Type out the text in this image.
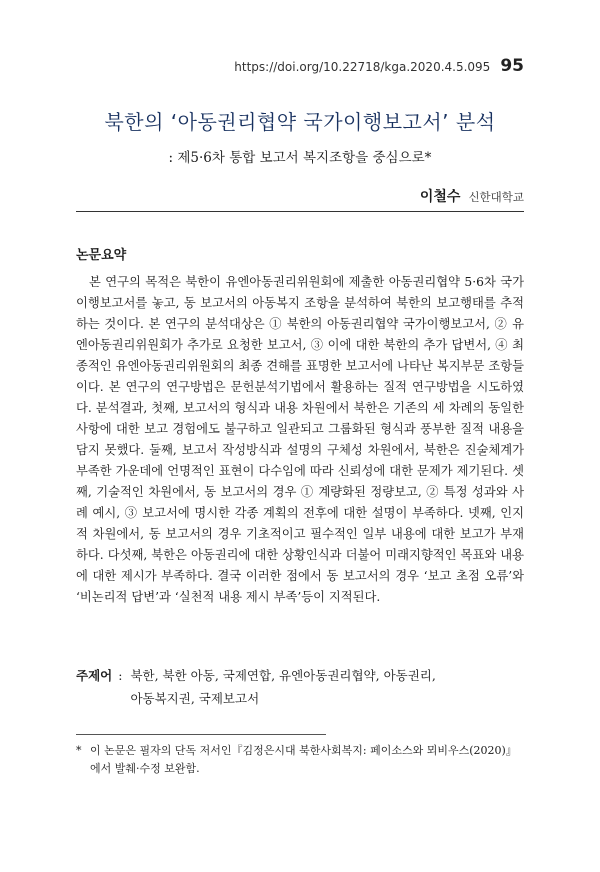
https://doi.org/10.22718/kga.2020.4.5.095 95
북한의 ‘아동권리협약 국가이행보고서’ 분석
: 제5·6차 통합 보고서 복지조항을 중심으로*
이철수 신한대학교
논문요약

본 연구의 목적은 북한이 유엔아동권리위원회에 제출한 아동권리협약 5·6차 국가이행보고서를 놓고, 동 보고서의 아동복지 조항을 분석하여 북한의 보고행태를 추적하는 것이다. 본 연구의 분석대상은 ① 북한의 아동권리협약 국가이행보고서, ② 유엔아동권리위원회가 추가로 요청한 보고서, ③ 이에 대한 북한의 추가 답변서, ④ 최종적인 유엔아동권리위원회의 최종 견해를 표명한 보고서에 나타난 복지부문 조항들이다. 본 연구의 연구방법은 문헌분석기법에서 활용하는 질적 연구방법을 시도하였다. 분석결과, 첫째, 보고서의 형식과 내용 차원에서 북한은 기존의 세 차례의 동일한 사항에 대한 보고 경험에도 불구하고 일관되고 그룹화된 형식과 풍부한 질적 내용을 담지 못했다. 둘째, 보고서 작성방식과 설명의 구체성 차원에서, 북한은 진술체계가 부족한 가운데에 언명적인 표현이 다수임에 따라 신뢰성에 대한 문제가 제기된다. 셋째, 기술적인 차원에서, 동 보고서의 경우 ① 계량화된 정량보고, ② 특정 성과와 사례 예시, ③ 보고서에 명시한 각종 계획의 전후에 대한 설명이 부족하다. 넷째, 인지적 차원에서, 동 보고서의 경우 기초적이고 필수적인 일부 내용에 대한 보고가 부재하다. 다섯째, 북한은 아동권리에 대한 상황인식과 더불어 미래지향적인 목표와 내용에 대한 제시가 부족하다. 결국 이러한 점에서 동 보고서의 경우 ‘보고 초점 오류’와 ‘비논리적 답변’과 ‘실천적 내용 제시 부족’등이 지적된다.

주제어 : 북한, 북한 아동, 국제연합, 유엔아동권리협약, 아동권리,
아동복지권, 국제보고서
* 이 논문은 필자의 단독 저서인『김정은시대 북한사회복지: 페이소스와 뫼비우스(2020)』에서 발췌·수정 보완함.
